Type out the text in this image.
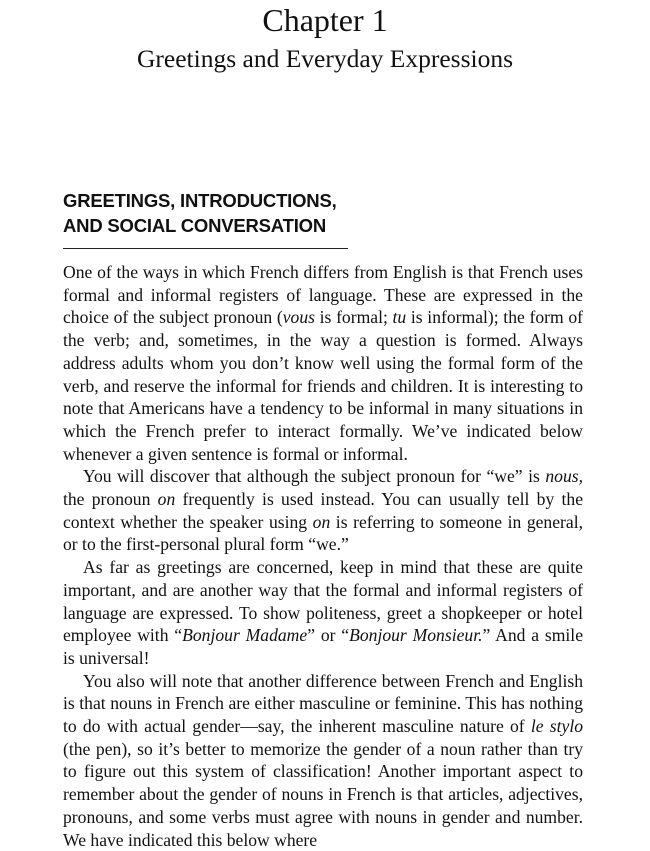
Chapter 1
Greetings and Everyday Expressions
GREETINGS, INTRODUCTIONS,
AND SOCIAL CONVERSATION

One of the ways in which French differs from English is that French uses formal and informal registers of language. These are expressed in the choice of the subject pronoun (vous is formal; tu is informal); the form of the verb; and, sometimes, in the way a question is formed. Always address adults whom you don’t know well using the formal form of the verb, and reserve the informal for friends and children. It is interesting to note that Americans have a tendency to be informal in many situations in which the French prefer to interact formally. We’ve indicated below whenever a given sentence is formal or informal.

You will discover that although the subject pronoun for “we” is nous, the pronoun on frequently is used instead. You can usually tell by the context whether the speaker using on is referring to someone in general, or to the first-personal plural form “we.”

As far as greetings are concerned, keep in mind that these are quite important, and are another way that the formal and informal registers of language are expressed. To show politeness, greet a shopkeeper or hotel employee with “Bonjour Madame” or “Bonjour Monsieur.” And a smile is universal!

You also will note that another difference between French and English is that nouns in French are either masculine or feminine. This has nothing to do with actual gender—say, the inherent masculine nature of le stylo (the pen), so it’s better to memorize the gender of a noun rather than try to figure out this system of classification! Another important aspect to remember about the gender of nouns in French is that articles, adjectives, pronouns, and some verbs must agree with nouns in gender and number. We have indicated this below where
